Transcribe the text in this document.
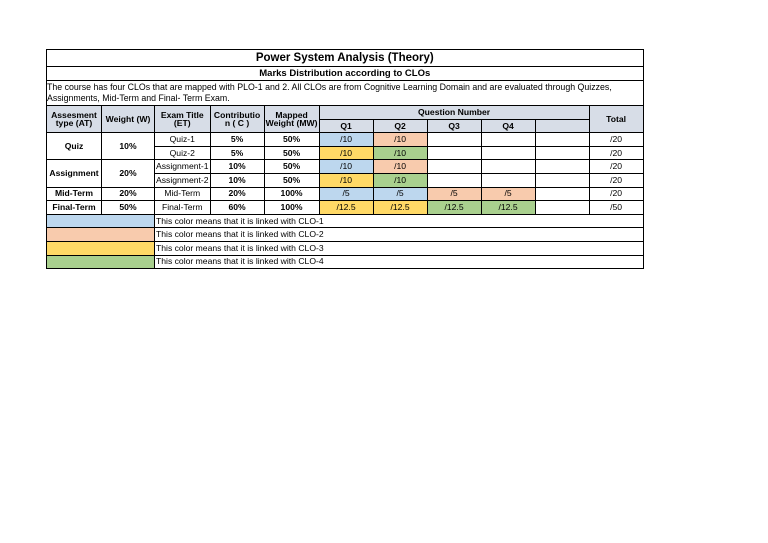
Power System Analysis (Theory)										
Marks Distribution according to CLOs										
The course has four CLOs that are mapped with PLO-1 and 2. All CLOs are from Cognitive Learning Domain and are evaluated through Quizzes, Assignments, Mid-Term and Final- Term Exam.										
Assesment type (AT)	Weight (W)	Exam Title (ET)	Contributio n ( C )	Mapped Weight (MW)	Question Number					Total
					Q1	Q2	Q3	Q4		
Quiz	10%	Quiz-1	5%	50%	/10	/10				/20
		Quiz-2	5%	50%	/10	/10				/20
Assignment	20%	Assignment-1	10%	50%	/10	/10				/20
		Assignment-2	10%	50%	/10	/10				/20
Mid-Term	20%	Mid-Term	20%	100%	/5	/5	/5	/5		/20
Final-Term	50%	Final-Term	60%	100%	/12.5	/12.5	/12.5	/12.5		/50
		This color means that it is linked with CLO-1								
		This color means that it is linked with CLO-2								
		This color means that it is linked with CLO-3								
		This color means that it is linked with CLO-4								
